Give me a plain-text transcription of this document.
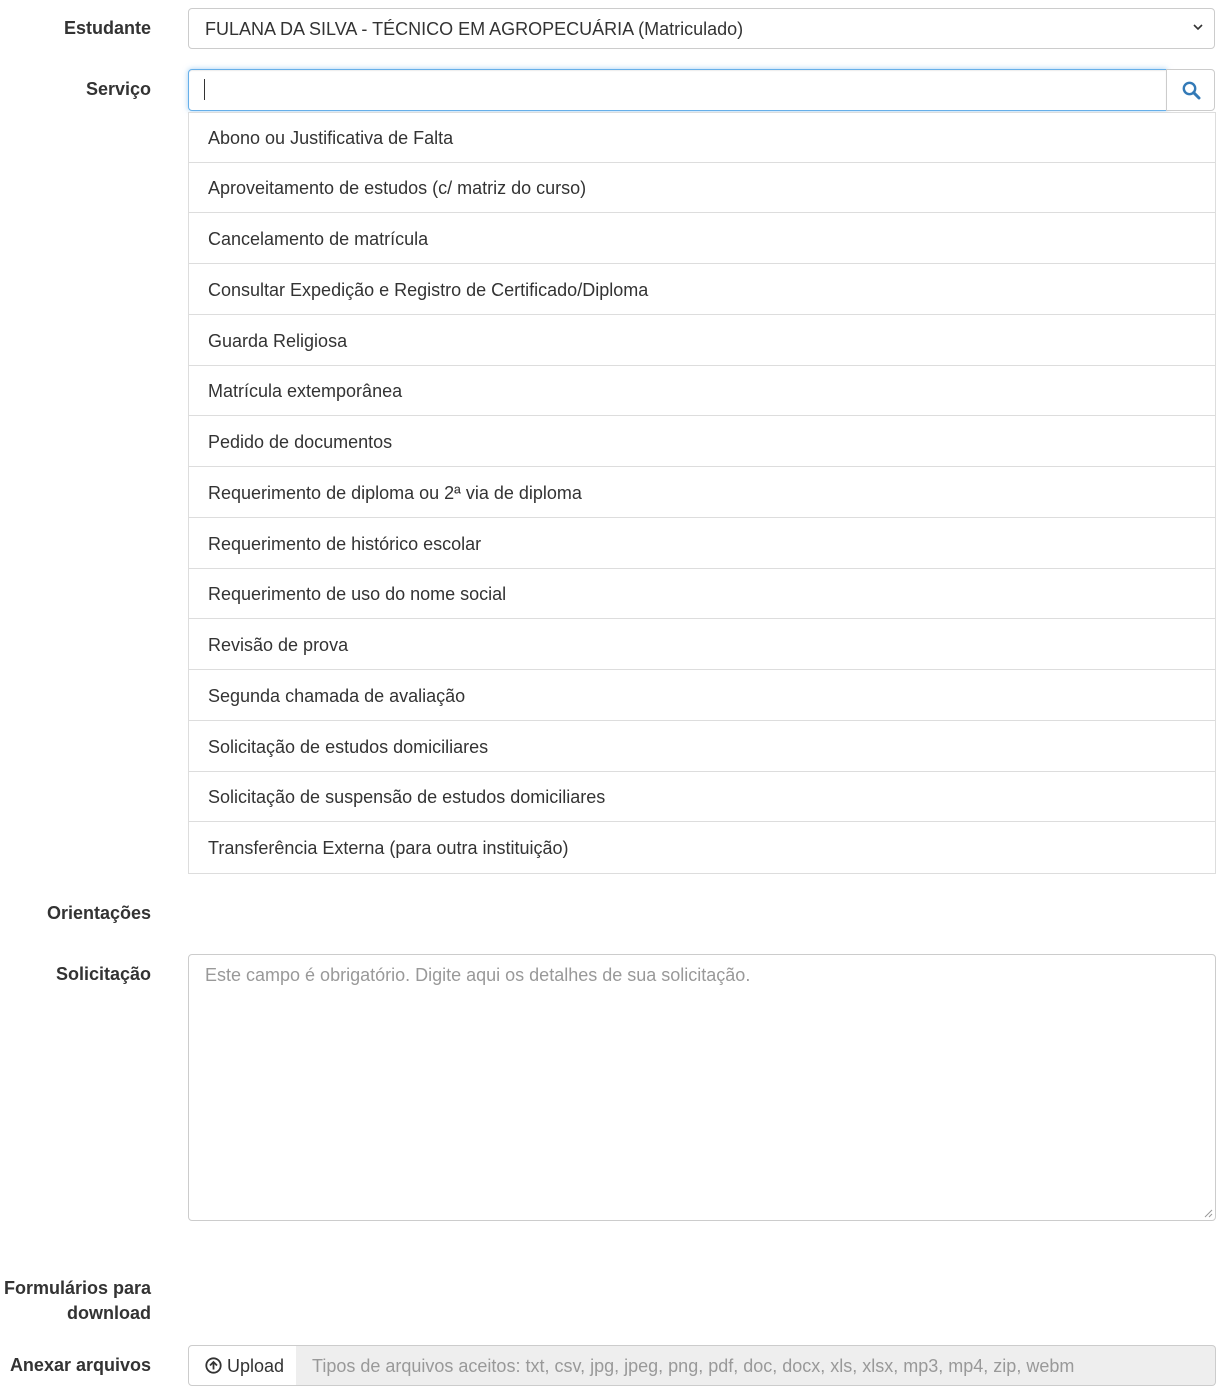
Estudante	FULANA DA SILVA - TÉCNICO EM AGROPECUÁRIA (Matriculado)
Serviço
Abono ou Justificativa de Falta
Aproveitamento de estudos (c/ matriz do curso)
Cancelamento de matrícula
Consultar Expedição e Registro de Certificado/Diploma
Guarda Religiosa
Matrícula extemporânea
Pedido de documentos
Requerimento de diploma ou 2ª via de diploma
Requerimento de histórico escolar
Requerimento de uso do nome social
Revisão de prova
Segunda chamada de avaliação
Solicitação de estudos domiciliares
Solicitação de suspensão de estudos domiciliares
Transferência Externa (para outra instituição)
Orientações
Solicitação	Este campo é obrigatório. Digite aqui os detalhes de sua solicitação.
Formulários para
download
Anexar arquivos	Upload Tipos de arquivos aceitos: txt, csv, jpg, jpeg, png, pdf, doc, docx, xls, xlsx, mp3, mp4, zip, webm
